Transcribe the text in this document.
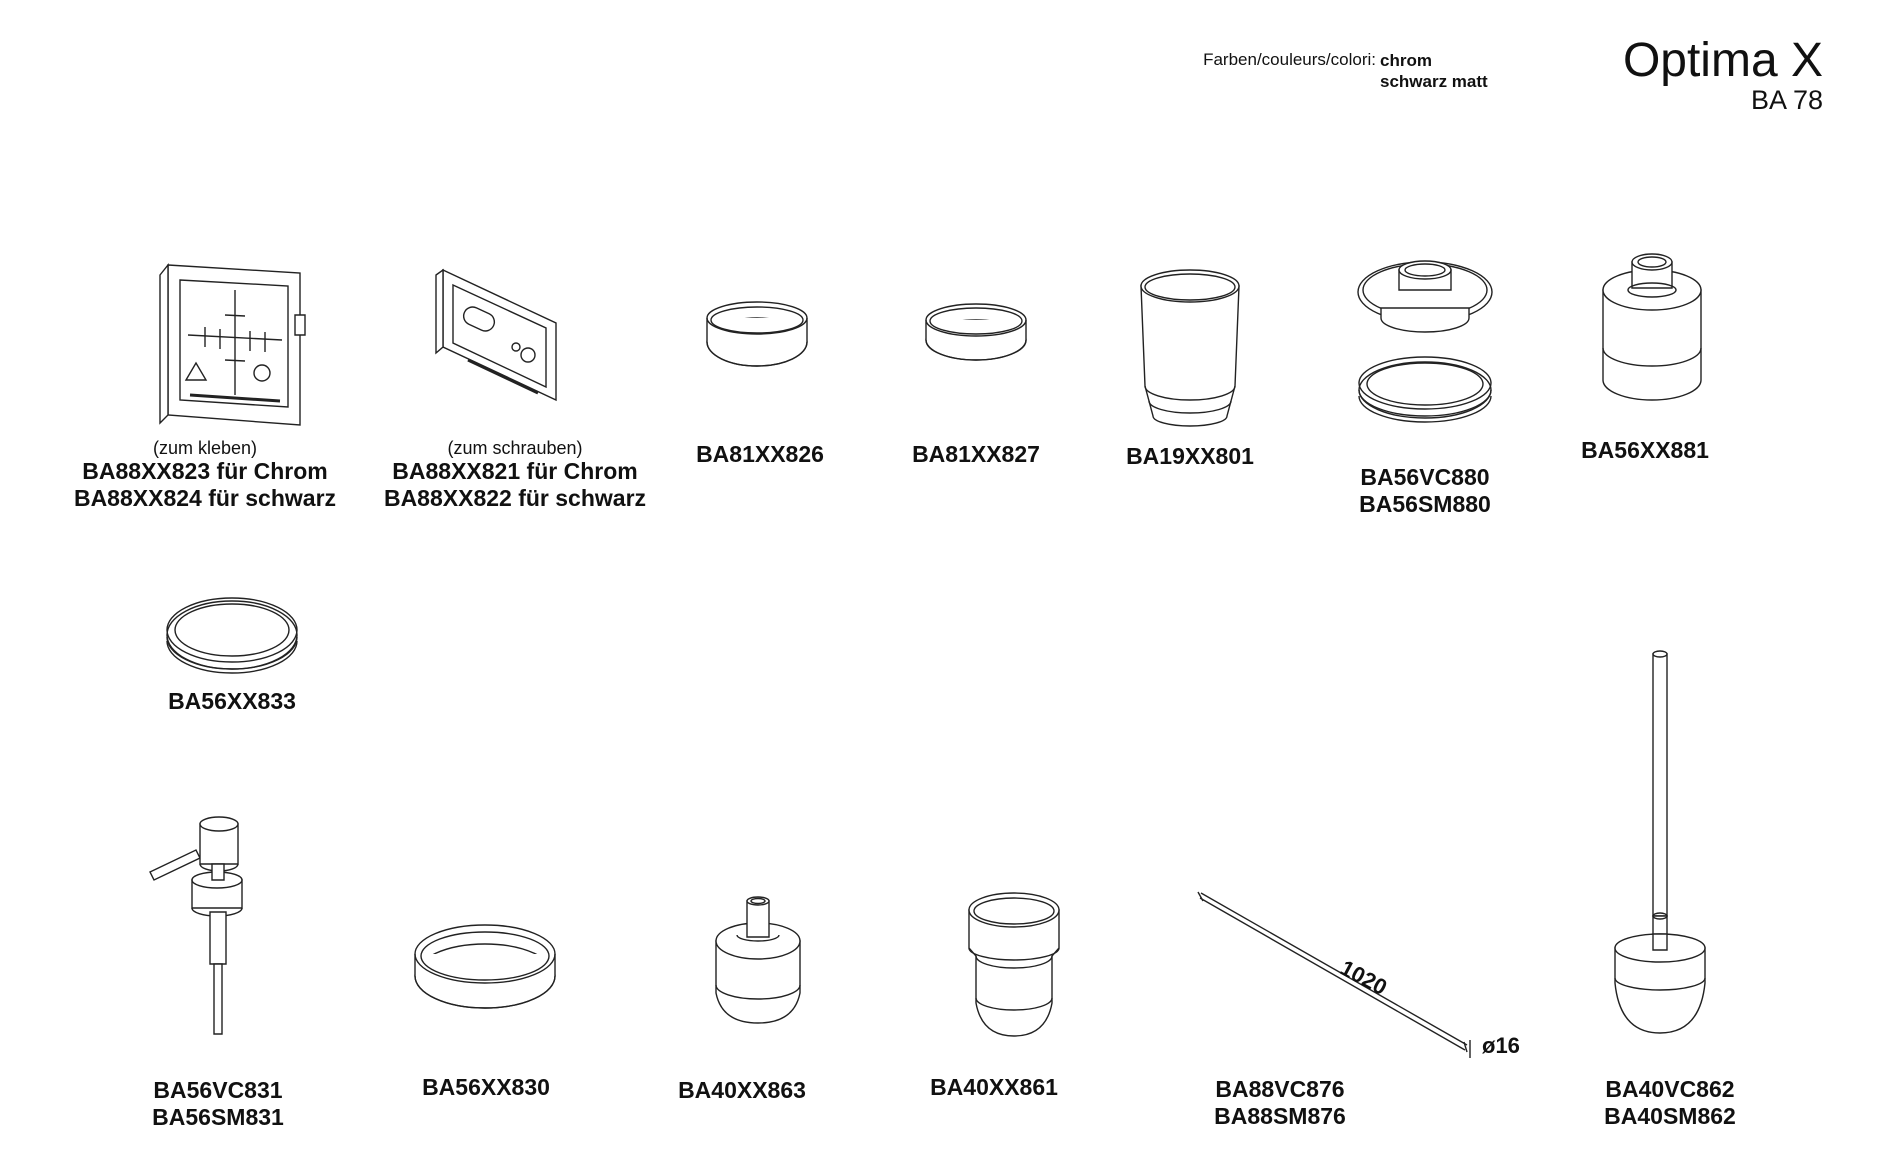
Farben/couleurs/colori: chrom
schwarz matt	Optima X
BA 78
(zum kleben)
BA88XX823 für Chrom
BA88XX824 für schwarz
(zum schrauben)
BA88XX821 für Chrom
BA88XX822 für schwarz
BA81XX826	BA81XX827	BA19XX801
BA56VC880
BA56SM880
BA56XX881
BA56XX833
BA56VC831
BA56SM831
BA56XX830	BA40XX863	BA40XX861
1020
ø16
BA88VC876
BA88SM876
BA40VC862
BA40SM862
